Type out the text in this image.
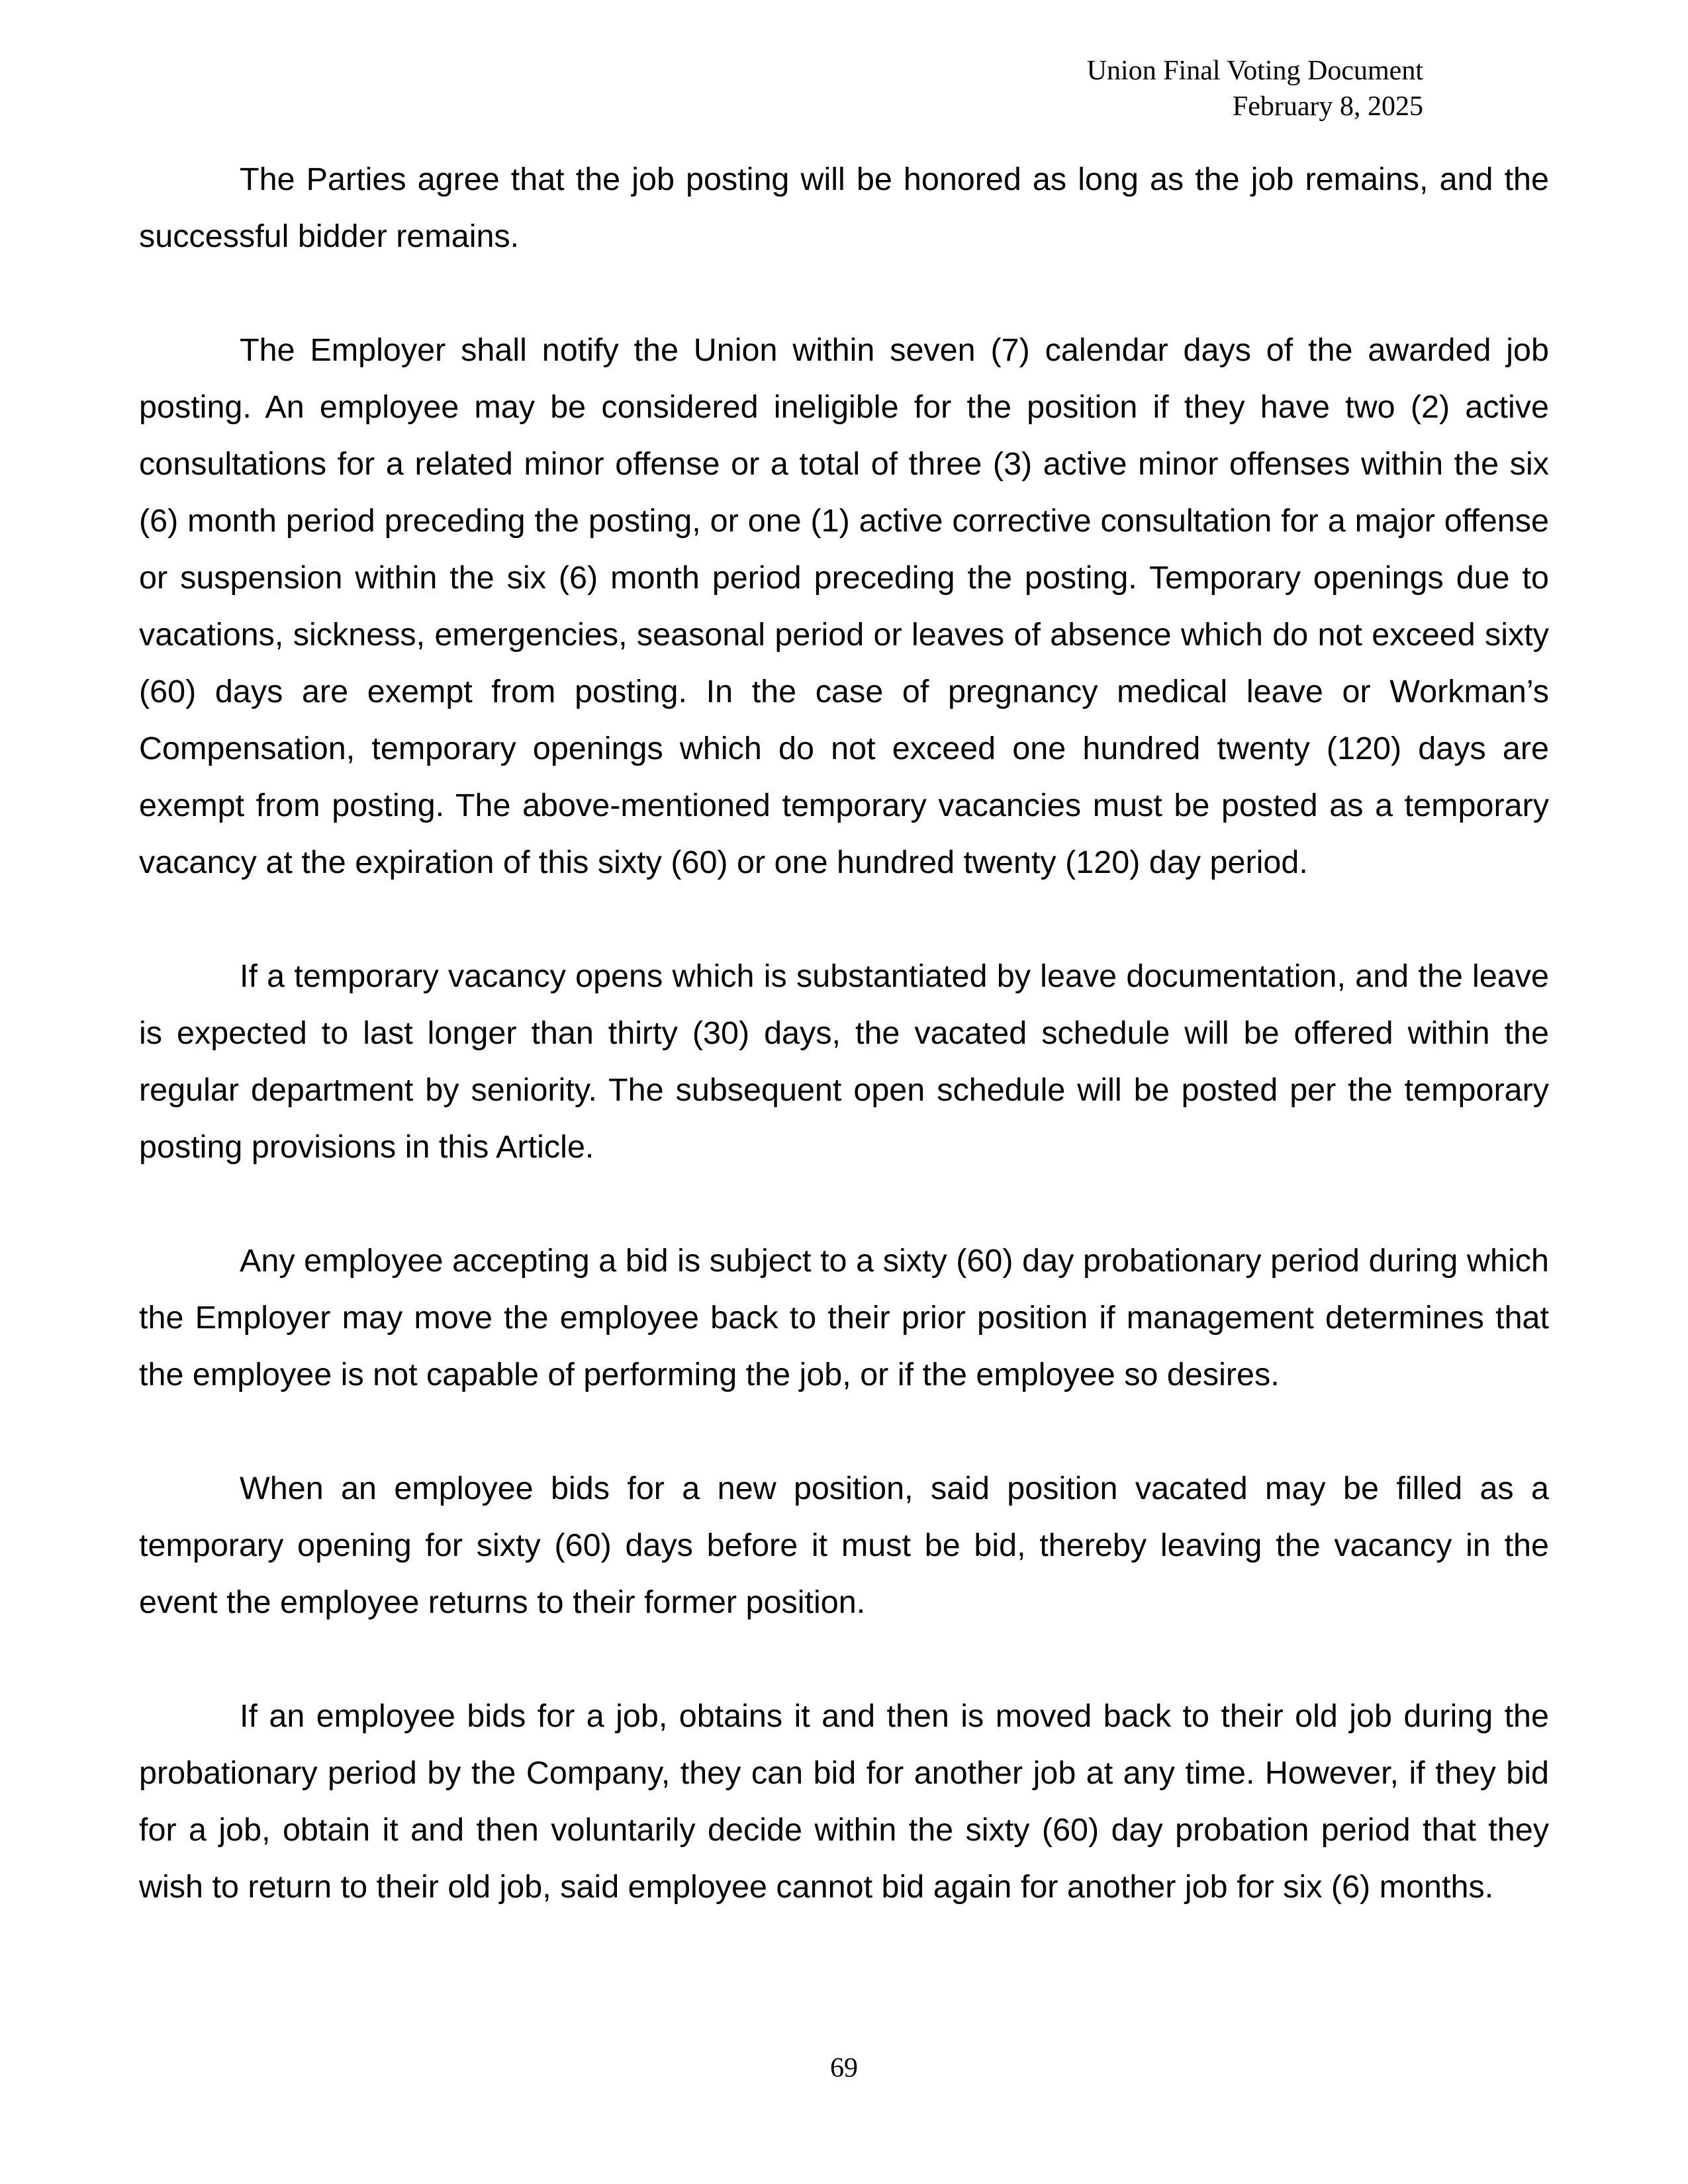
Union Final Voting Document
February 8, 2025

The Parties agree that the job posting will be honored as long as the job remains, and the successful bidder remains.

The Employer shall notify the Union within seven (7) calendar days of the awarded job posting. An employee may be considered ineligible for the position if they have two (2) active consultations for a related minor offense or a total of three (3) active minor offenses within the six (6) month period preceding the posting, or one (1) active corrective consultation for a major offense or suspension within the six (6) month period preceding the posting. Temporary openings due to vacations, sickness, emergencies, seasonal period or leaves of absence which do not exceed sixty (60) days are exempt from posting. In the case of pregnancy medical leave or Workman’s Compensation, temporary openings which do not exceed one hundred twenty (120) days are exempt from posting. The above-mentioned temporary vacancies must be posted as a temporary vacancy at the expiration of this sixty (60) or one hundred twenty (120) day period.

If a temporary vacancy opens which is substantiated by leave documentation, and the leave is expected to last longer than thirty (30) days, the vacated schedule will be offered within the regular department by seniority. The subsequent open schedule will be posted per the temporary posting provisions in this Article.

Any employee accepting a bid is subject to a sixty (60) day probationary period during which the Employer may move the employee back to their prior position if management determines that the employee is not capable of performing the job, or if the employee so desires.

When an employee bids for a new position, said position vacated may be filled as a temporary opening for sixty (60) days before it must be bid, thereby leaving the vacancy in the event the employee returns to their former position.

If an employee bids for a job, obtains it and then is moved back to their old job during the probationary period by the Company, they can bid for another job at any time. However, if they bid for a job, obtain it and then voluntarily decide within the sixty (60) day probation period that they wish to return to their old job, said employee cannot bid again for another job for six (6) months.

69
